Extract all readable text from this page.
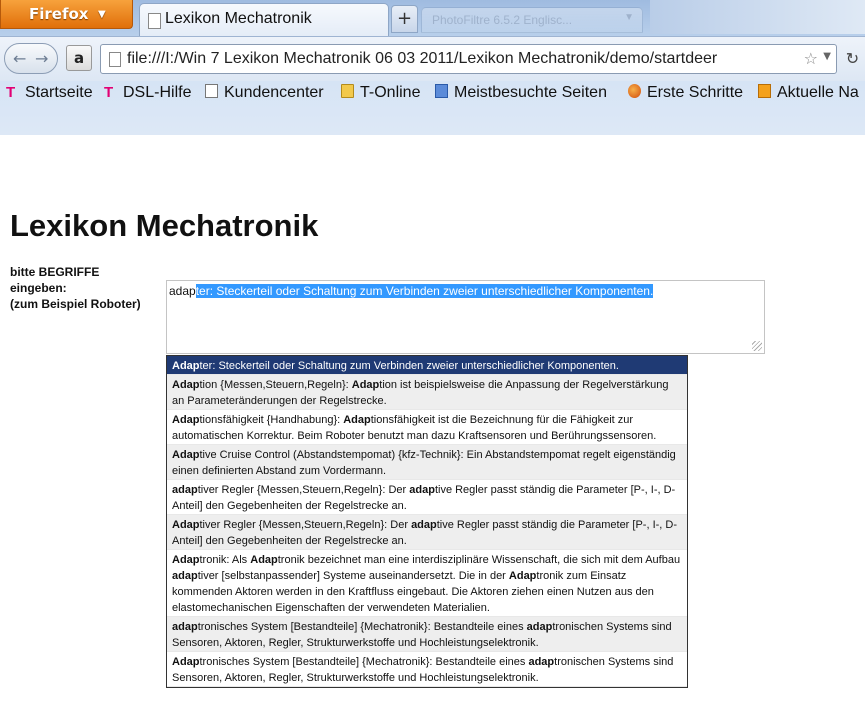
Firefox ▼	Lexikon Mechatronik	+	PhotoFiltre 6.5.2 Englisc...	▼
← →	a	file:///I:/Win 7 Lexikon Mechatronik 06 03 2011/Lexikon Mechatronik/demo/startdeer	☆ ▼ ↻
T Startseite T DSL-Hilfe	Kundencenter	T-Online	Meistbesuchte Seiten	Erste Schritte	Aktuelle Na
Lexikon Mechatronik
bitte BEGRIFFE
eingeben:
(zum Beispiel Roboter)
adapter: Steckerteil oder Schaltung zum Verbinden zweier unterschiedlicher Komponenten.
Adapter: Steckerteil oder Schaltung zum Verbinden zweier unterschiedlicher Komponenten.
Adaption {Messen,Steuern,Regeln}: Adaption ist beispielsweise die Anpassung der Regelverstärkung an Parameteränderungen der Regelstrecke.
Adaptionsfähigkeit {Handhabung}: Adaptionsfähigkeit ist die Bezeichnung für die Fähigkeit zur automatischen Korrektur. Beim Roboter benutzt man dazu Kraftsensoren und Berührungssensoren.
Adaptive Cruise Control (Abstandstempomat) {kfz-Technik}: Ein Abstandstempomat regelt eigenständig einen definierten Abstand zum Vordermann.
adaptiver Regler {Messen,Steuern,Regeln}: Der adaptive Regler passt ständig die Parameter [P-, I-, D-Anteil] den Gegebenheiten der Regelstrecke an.
Adaptiver Regler {Messen,Steuern,Regeln}: Der adaptive Regler passt ständig die Parameter [P-, I-, D-Anteil] den Gegebenheiten der Regelstrecke an.
Adaptronik: Als Adaptronik bezeichnet man eine interdisziplinäre Wissenschaft, die sich mit dem Aufbau adaptiver [selbstanpassender] Systeme auseinandersetzt. Die in der Adaptronik zum Einsatz kommenden Aktoren werden in den Kraftfluss eingebaut. Die Aktoren ziehen einen Nutzen aus den elastomechanischen Eigenschaften der verwendeten Materialien.
adaptronisches System [Bestandteile] {Mechatronik}: Bestandteile eines adaptronischen Systems sind Sensoren, Aktoren, Regler, Strukturwerkstoffe und Hochleistungselektronik.
Adaptronisches System [Bestandteile] {Mechatronik}: Bestandteile eines adaptronischen Systems sind Sensoren, Aktoren, Regler, Strukturwerkstoffe und Hochleistungselektronik.
